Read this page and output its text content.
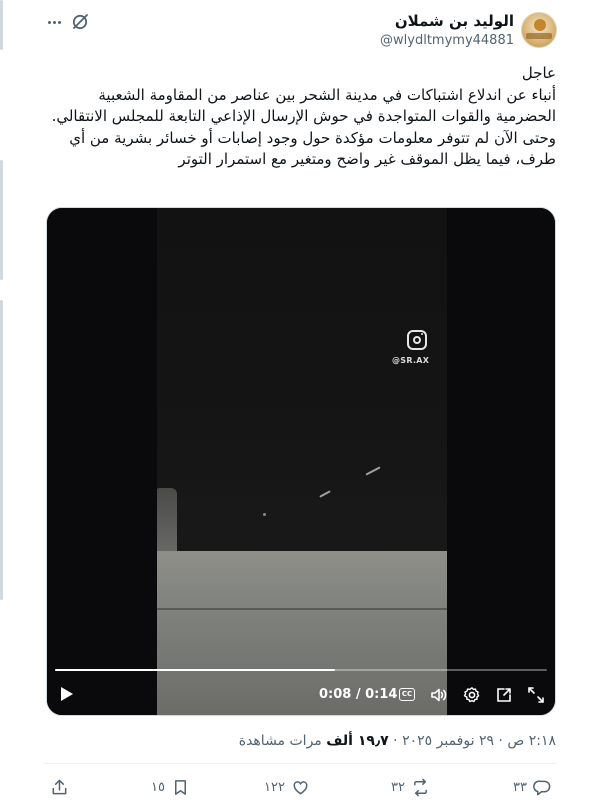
الوليد بن شملان
@wlydltmymy44881
عاجل
أنباء عن اندلاع اشتباكات في مدينة الشحر بين عناصر من المقاومة الشعبية الحضرمية والقوات المتواجدة في حوش الإرسال الإذاعي التابعة للمجلس الانتقالي.
وحتى الآن لم تتوفر معلومات مؤكدة حول وجود إصابات أو خسائر بشرية من أي طرف، فيما يظل الموقف غير واضح ومتغير مع استمرار التوتر
@SR.AX
0:08 / 0:14 CC
٢:١٨ ص · ٢٩ نوفمبر ٢٠٢٥ · ١٩٫٧ ألف مرات مشاهدة
٣٣
٣٢
١٢٢
١٥
